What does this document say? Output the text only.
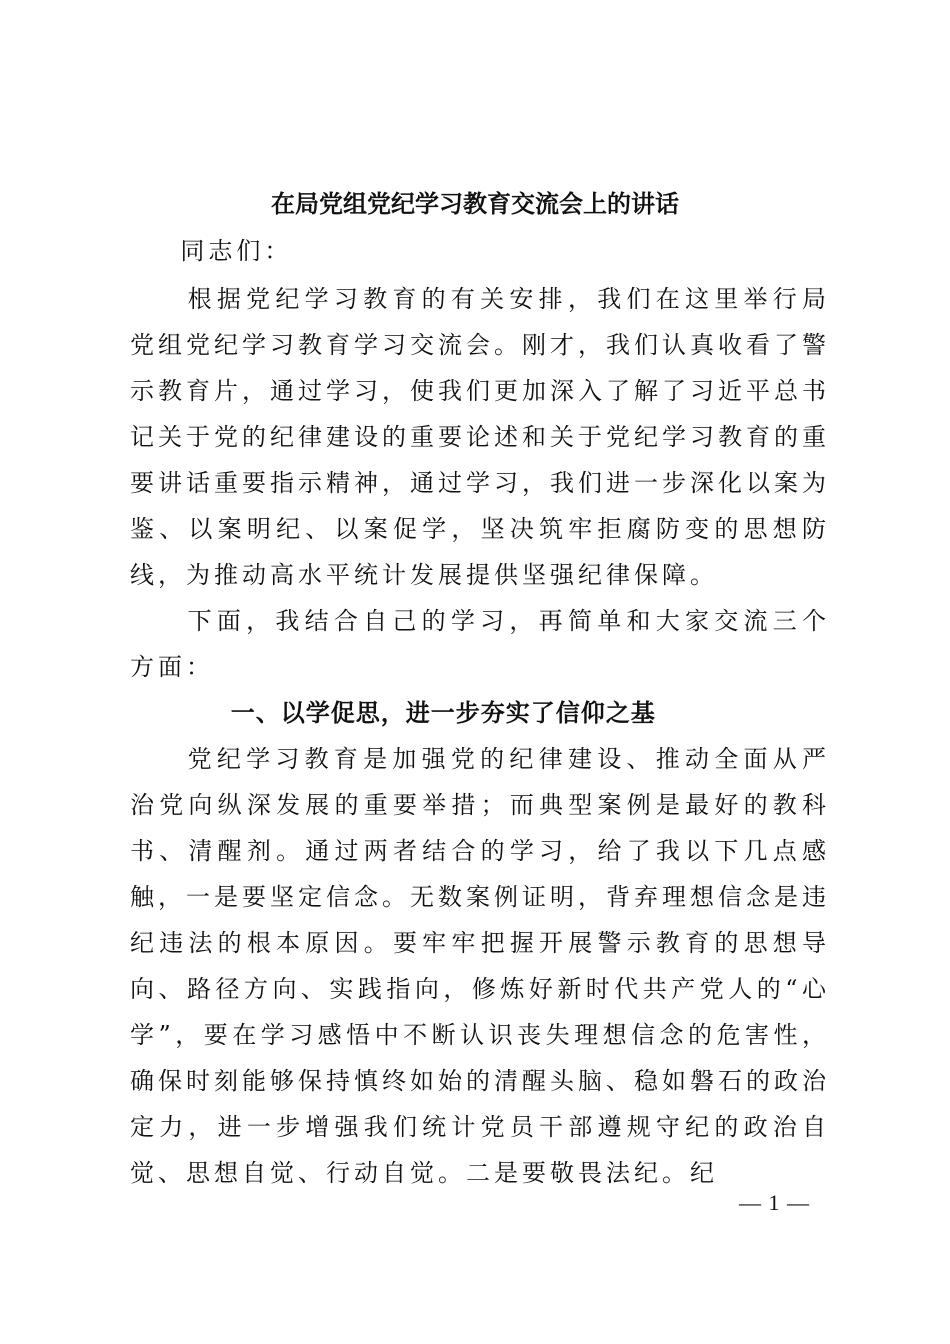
在局党组党纪学习教育交流会上的讲话

同志们：

根据党纪学习教育的有关安排，我们在这里举行局党组党纪学习教育学习交流会。刚才，我们认真收看了警示教育片，通过学习，使我们更加深入了解了习近平总书记关于党的纪律建设的重要论述和关于党纪学习教育的重要讲话重要指示精神，通过学习，我们进一步深化以案为鉴、以案明纪、以案促学，坚决筑牢拒腐防变的思想防线，为推动高水平统计发展提供坚强纪律保障。

下面，我结合自己的学习，再简单和大家交流三个方面：

一、以学促思，进一步夯实了信仰之基

党纪学习教育是加强党的纪律建设、推动全面从严治党向纵深发展的重要举措；而典型案例是最好的教科书、清醒剂。通过两者结合的学习，给了我以下几点感触，一是要坚定信念。无数案例证明，背弃理想信念是违纪违法的根本原因。要牢牢把握开展警示教育的思想导向、路径方向、实践指向，修炼好新时代共产党人的“心学”，要在学习感悟中不断认识丧失理想信念的危害性，确保时刻能够保持慎终如始的清醒头脑、稳如磐石的政治定力，进一步增强我们统计党员干部遵规守纪的政治自觉、思想自觉、行动自觉。二是要敬畏法纪。纪

— 1 —
